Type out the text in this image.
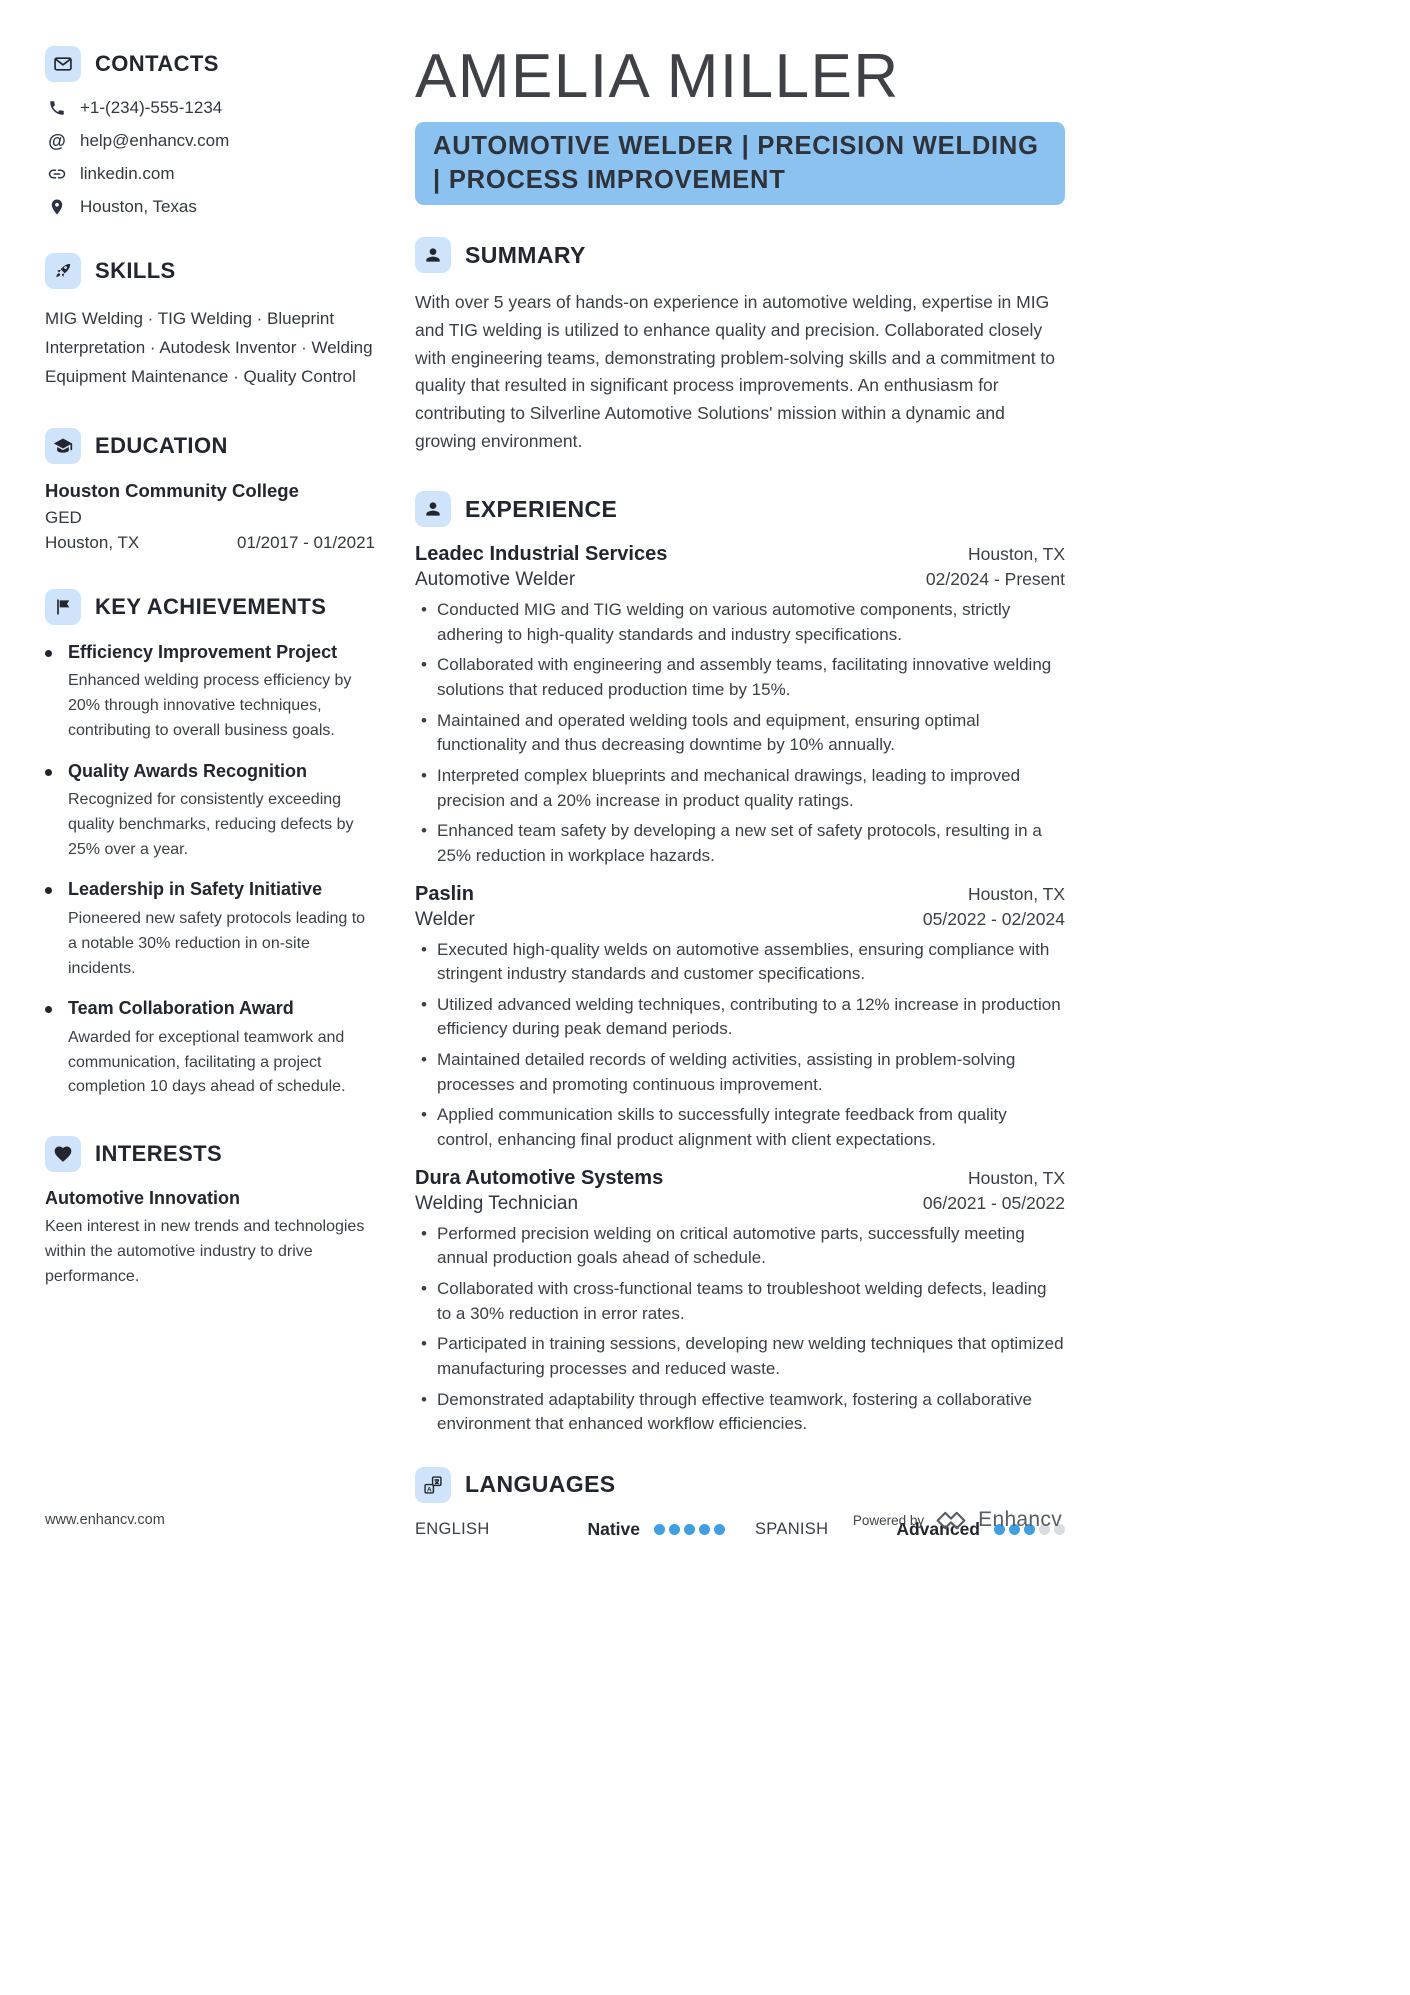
CONTACTS
+1-(234)-555-1234
@ help@enhancv.com
linkedin.com
Houston, Texas
SKILLS
MIG Welding · TIG Welding · Blueprint Interpretation · Autodesk Inventor · Welding Equipment Maintenance · Quality Control
EDUCATION
Houston Community College
GED
Houston, TX	01/2017 - 01/2021
KEY ACHIEVEMENTS
Efficiency Improvement Project
Enhanced welding process efficiency by 20% through innovative techniques, contributing to overall business goals.
Quality Awards Recognition
Recognized for consistently exceeding quality benchmarks, reducing defects by 25% over a year.
Leadership in Safety Initiative
Pioneered new safety protocols leading to a notable 30% reduction in on-site incidents.
Team Collaboration Award
Awarded for exceptional teamwork and communication, facilitating a project completion 10 days ahead of schedule.
INTERESTS
Automotive Innovation
Keen interest in new trends and technologies within the automotive industry to drive performance.
AMELIA MILLER
AUTOMOTIVE WELDER | PRECISION WELDING | PROCESS IMPROVEMENT
SUMMARY

With over 5 years of hands-on experience in automotive welding, expertise in MIG and TIG welding is utilized to enhance quality and precision. Collaborated closely with engineering teams, demonstrating problem-solving skills and a commitment to quality that resulted in significant process improvements. An enthusiasm for contributing to Silverline Automotive Solutions' mission within a dynamic and growing environment.

EXPERIENCE
Leadec Industrial Services	Houston, TX
Automotive Welder	02/2024 - Present
• Conducted MIG and TIG welding on various automotive components, strictly adhering to high-quality standards and industry specifications.
• Collaborated with engineering and assembly teams, facilitating innovative welding solutions that reduced production time by 15%.
• Maintained and operated welding tools and equipment, ensuring optimal functionality and thus decreasing downtime by 10% annually.
• Interpreted complex blueprints and mechanical drawings, leading to improved precision and a 20% increase in product quality ratings.
• Enhanced team safety by developing a new set of safety protocols, resulting in a 25% reduction in workplace hazards.
Paslin	Houston, TX
Welder	05/2022 - 02/2024
• Executed high-quality welds on automotive assemblies, ensuring compliance with stringent industry standards and customer specifications.
• Utilized advanced welding techniques, contributing to a 12% increase in production efficiency during peak demand periods.
• Maintained detailed records of welding activities, assisting in problem-solving processes and promoting continuous improvement.
• Applied communication skills to successfully integrate feedback from quality control, enhancing final product alignment with client expectations.
Dura Automotive Systems	Houston, TX
Welding Technician	06/2021 - 05/2022
• Performed precision welding on critical automotive parts, successfully meeting annual production goals ahead of schedule.
• Collaborated with cross-functional teams to troubleshoot welding defects, leading to a 30% reduction in error rates.
• Participated in training sessions, developing new welding techniques that optimized manufacturing processes and reduced waste.
• Demonstrated adaptability through effective teamwork, fostering a collaborative environment that enhanced workflow efficiencies.
A LANGUAGES
ENGLISH	Native	SPANISH	Advanced
www.enhancv.com	Powered by	Enhancv
